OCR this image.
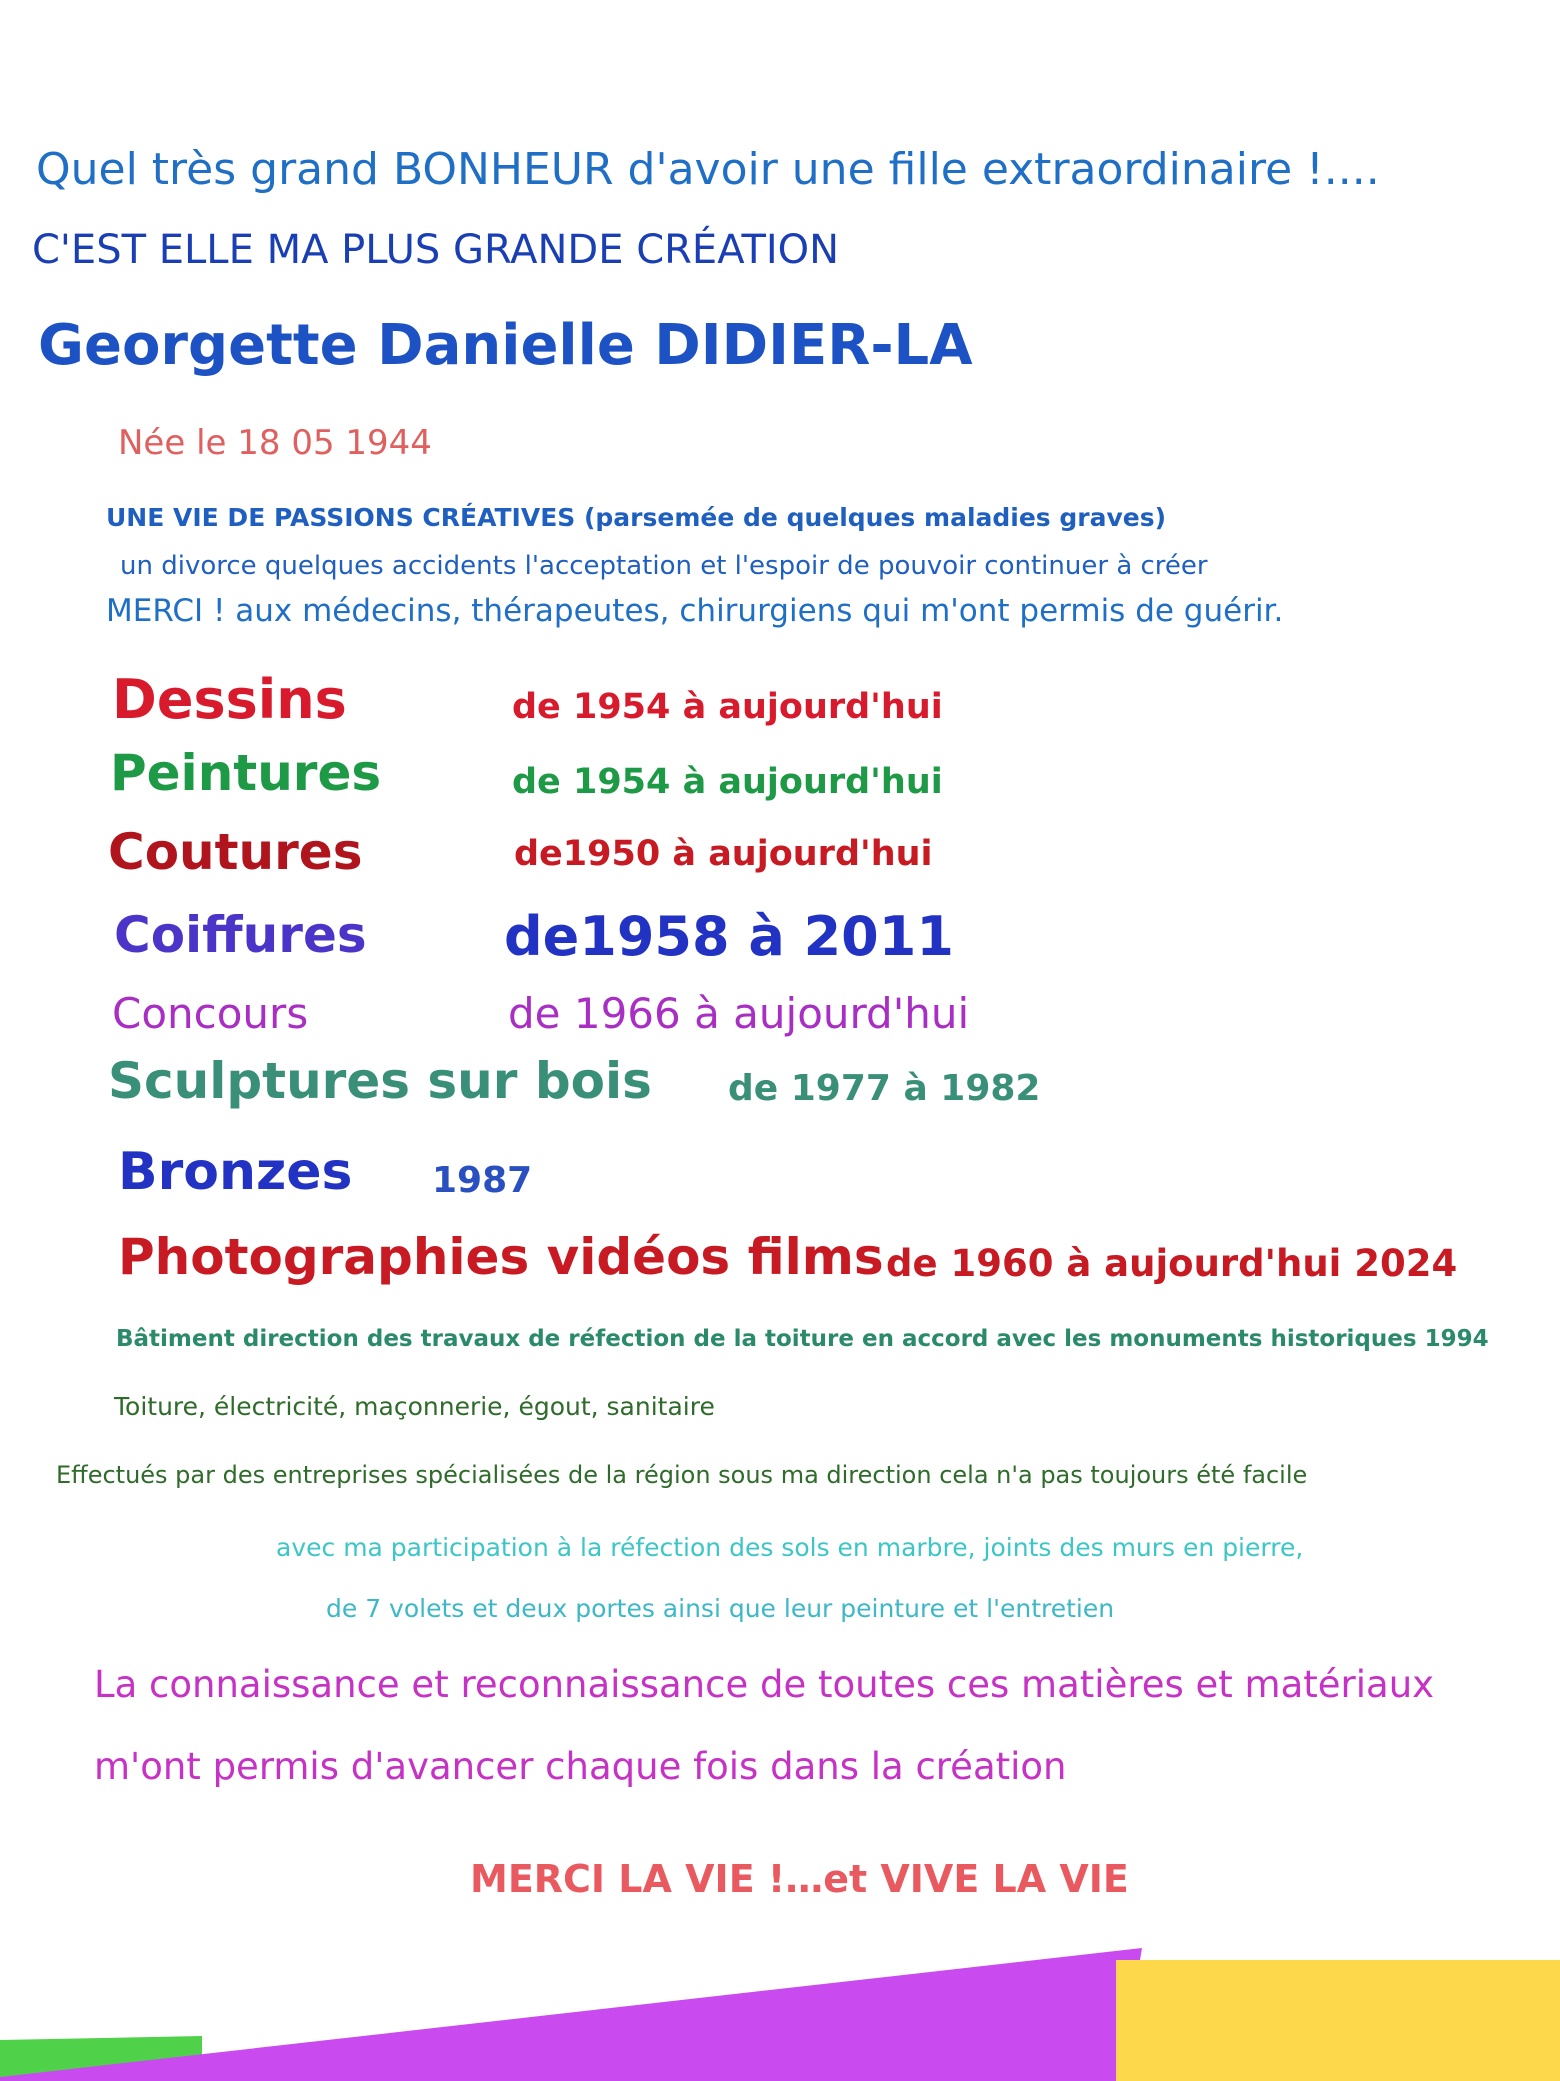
Quel très grand BONHEUR d'avoir une fille extraordinaire !....

C'EST ELLE MA PLUS GRANDE CRÉATION

Georgette Danielle DIDIER-LA

Née le 18 05 1944

UNE VIE DE PASSIONS CRÉATIVES (parsemée de quelques maladies graves)

un divorce quelques accidents l'acceptation et l'espoir de pouvoir continuer à créer

MERCI ! aux médecins, thérapeutes, chirurgiens qui m'ont permis de guérir.

Dessins	de 1954 à aujourd'hui

Peintures	de 1954 à aujourd'hui

Coutures	de1950 à aujourd'hui

Coiffures	de1958 à 2011

Concours	de 1966 à aujourd'hui

Sculptures sur bois de 1977 à 1982

Bronzes 1987

Photographies vidéos films de 1960 à aujourd'hui 2024

Bâtiment direction des travaux de réfection de la toiture en accord avec les monuments historiques 1994

Toiture, électricité, maçonnerie, égout, sanitaire

Effectués par des entreprises spécialisées de la région sous ma direction cela n'a pas toujours été facile

avec ma participation à la réfection des sols en marbre, joints des murs en pierre,

de 7 volets et deux portes ainsi que leur peinture et l'entretien

La connaissance et reconnaissance de toutes ces matières et matériaux

m'ont permis d'avancer chaque fois dans la création

MERCI LA VIE !…et VIVE LA VIE
